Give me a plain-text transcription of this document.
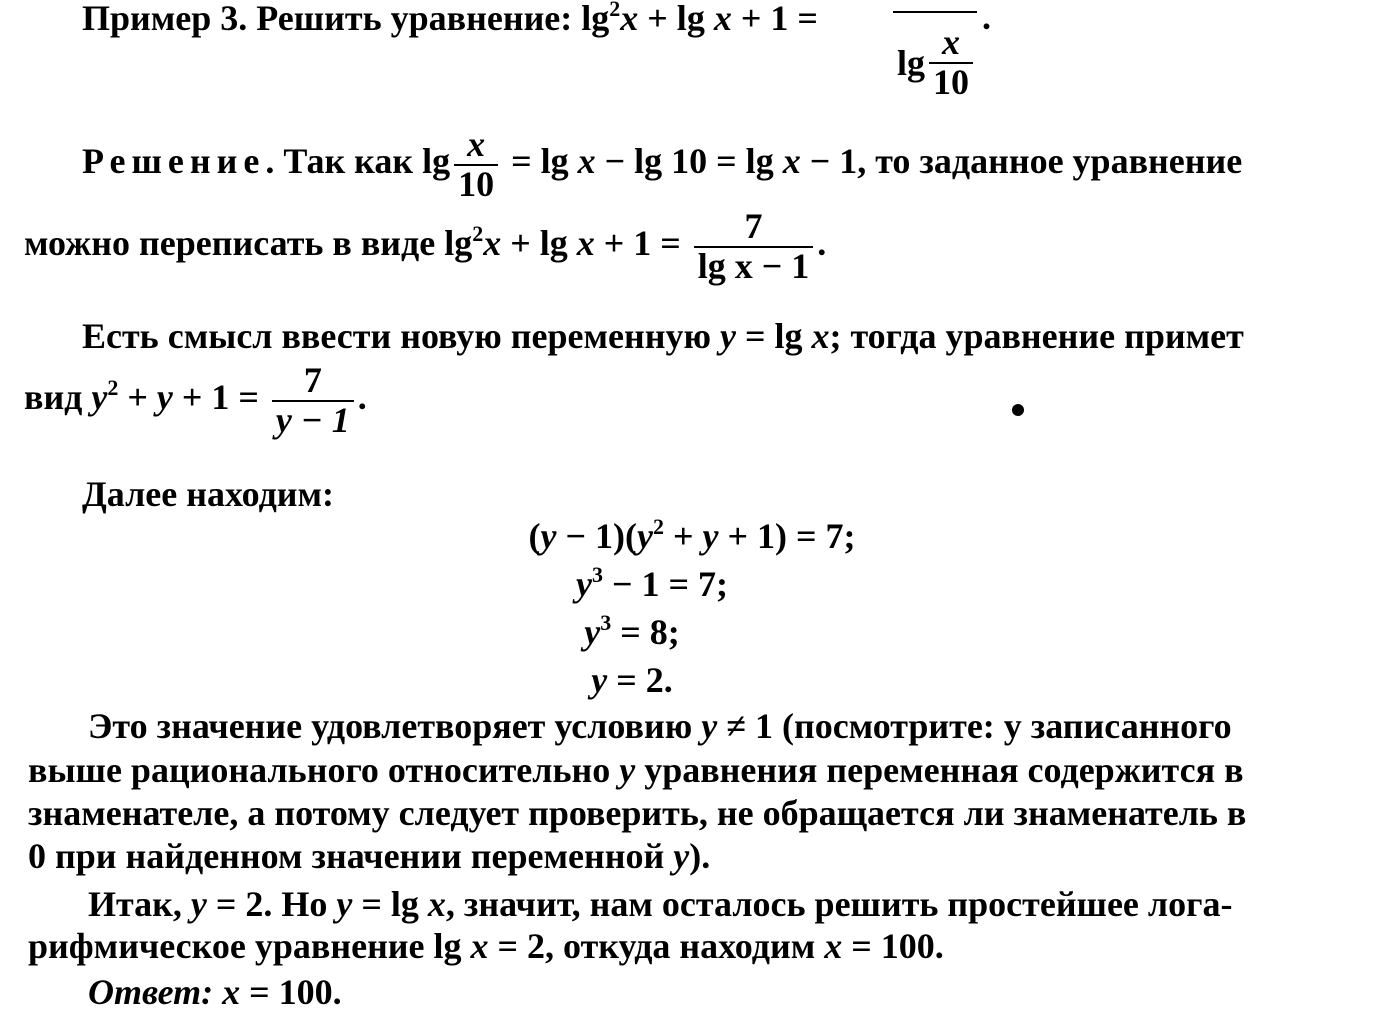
Пример 3. Решить уравнение: $\lg^2x + \lg x + 1$ =	.
$\lg \frac{x}{10}$
Решение. Так как $\lg \frac{x}{10} = \lg x - \lg 10 = \lg x - 1$, то заданное уравнение
можно переписать в виде $\lg^2x + \lg x + 1 = \frac{7}{\text{lg x − 1}}$ .
Есть смысл ввести новую переменную y = lg x; тогда уравнение примет
вид $y^2 + y + 1 = \frac{7}{y - 1}$ .
Далее находим:
$(y - 1)(y^2 + y + 1) = 7$;
$y^3 - 1 = 7$;
$y^3 = 8$;
y = 2.
Это значение удовлетворяет условию y ≠ 1 (посмотрите: у записанного
выше рационального относительно y уравнения переменная содержится в
знаменателе, а потому следует проверить, не обращается ли знаменатель в
0 при найденном значении переменной y).
Итак, y = 2. Но y = lg x, значит, нам осталось решить простейшее лога-
рифмическое уравнение lg x = 2, откуда находим x = 100.
Ответ: x = 100.
